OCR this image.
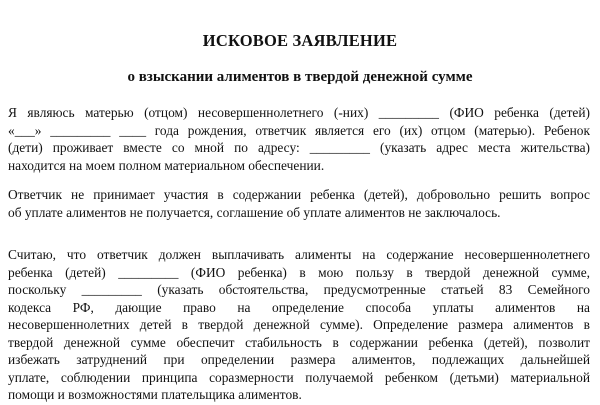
ИСКОВОЕ ЗАЯВЛЕНИЕ
о взыскании алиментов в твердой денежной сумме
Я являюсь матерью (отцом) несовершеннолетнего (-них) _________ (ФИО ребенка (детей)
«___» _________ ____ года рождения, ответчик является его (их) отцом (матерью). Ребенок
(дети) проживает вместе со мной по адресу: _________ (указать адрес места жительства)
находится на моем полном материальном обеспечении.
Ответчик не принимает участия в содержании ребенка (детей), добровольно решить вопрос
об уплате алиментов не получается, соглашение об уплате алиментов не заключалось.
Считаю, что ответчик должен выплачивать алименты на содержание несовершеннолетнего
ребенка (детей) _________ (ФИО ребенка) в мою пользу в твердой денежной сумме,
поскольку _________ (указать обстоятельства, предусмотренные статьей 83 Семейного
кодекса РФ, дающие право на определение способа уплаты алиментов на
несовершеннолетних детей в твердой денежной сумме). Определение размера алиментов в
твердой денежной сумме обеспечит стабильность в содержании ребенка (детей), позволит
избежать затруднений при определении размера алиментов, подлежащих дальнейшей
уплате, соблюдении принципа соразмерности получаемой ребенком (детьми) материальной
помощи и возможностями плательщика алиментов.
